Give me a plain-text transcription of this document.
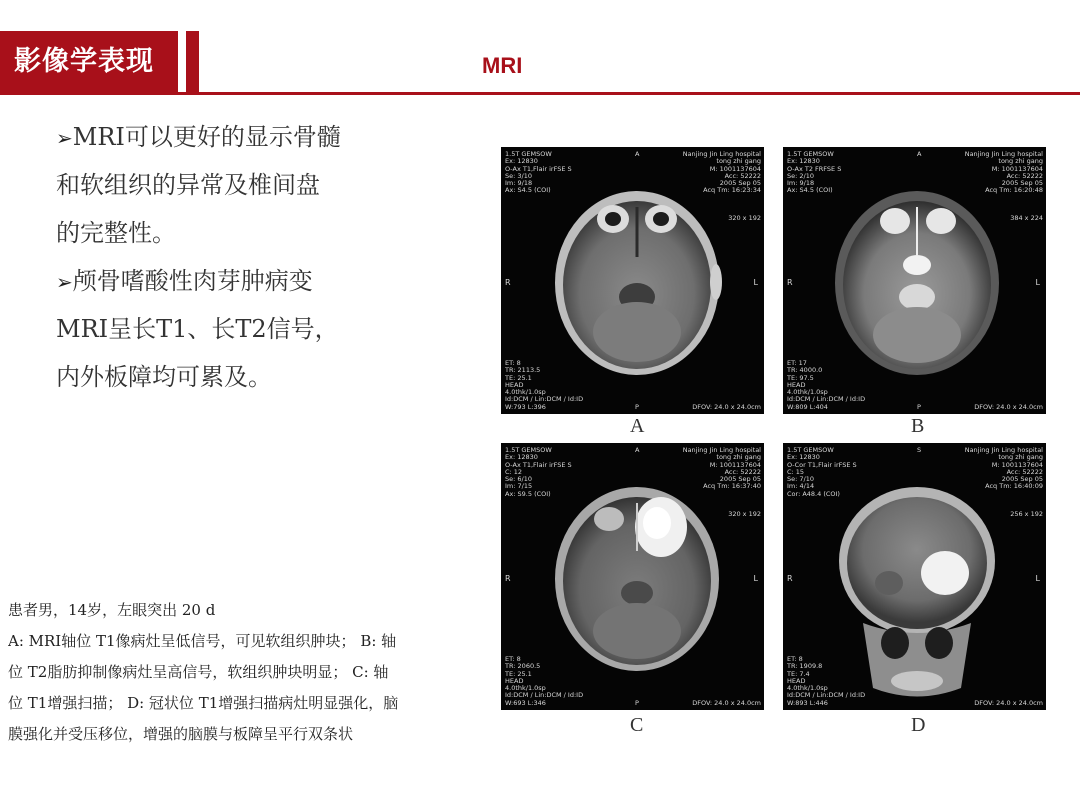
影像学表现	MRI
➢MRI可以更好的显示骨髓
和软组织的异常及椎间盘
的完整性。
➢颅骨嗜酸性肉芽肿病变
MRI呈长T1、长T2信号，
内外板障均可累及。
患者男，14岁，左眼突出 20 d
A: MRI轴位 T1像病灶呈低信号，可见软组织肿块； B: 轴
位 T2脂肪抑制像病灶呈高信号，软组织肿块明显； C: 轴
位 T1增强扫描； D: 冠状位 T1增强扫描病灶明显强化，脑
膜强化并受压移位，增强的脑膜与板障呈平行双条状
1.5T GEMSOW
Ex: 12830
O-Ax T1,Flair irFSE S
Se: 3/10
Im: 9/18
Ax: S4.5 (COI)
Nanjing Jin Ling hospital
tong zhi gang
M: 1001137604
Acc: 52222
2005 Sep 05
Acq Tm: 16:23:34
A
320 x 192
R	L
ET: 8
TR: 2113.5
TE: 25.1
HEAD
4.0thk/1.0sp
Id:DCM / Lin:DCM / Id:ID
W:793 L:396	P	DFOV: 24.0 x 24.0cm
A
1.5T GEMSOW
Ex: 12830
O-Ax T2 FRFSE S
Se: 2/10
Im: 9/18
Ax: S4.5 (COI)
Nanjing Jin Ling hospital
tong zhi gang
M: 1001137604
Acc: 52222
2005 Sep 05
Acq Tm: 16:20:48
A
384 x 224
R	L
ET: 17
TR: 4000.0
TE: 97.5
HEAD
4.0thk/1.0sp
Id:DCM / Lin:DCM / Id:ID
W:809 L:404	P	DFOV: 24.0 x 24.0cm
B
1.5T GEMSOW
Ex: 12830
O-Ax T1,Flair irFSE S
C: 12
Se: 6/10
Im: 7/15
Ax: S9.5 (COI)
Nanjing Jin Ling hospital
tong zhi gang
M: 1001137604
Acc: 52222
2005 Sep 05
Acq Tm: 16:37:40
A
320 x 192
R	L
ET: 8
TR: 2060.5
TE: 25.1
HEAD
4.0thk/1.0sp
Id:DCM / Lin:DCM / Id:ID
W:693 L:346	P	DFOV: 24.0 x 24.0cm
C
1.5T GEMSOW
Ex: 12830
O-Cor T1,Flair irFSE S
C: 15
Se: 7/10
Im: 4/14
Cor: A48.4 (COI)
Nanjing Jin Ling hospital
tong zhi gang
M: 1001137604
Acc: 52222
2005 Sep 05
Acq Tm: 16:40:09
S
256 x 192
R	L
ET: 8
TR: 1909.8
TE: 7.4
HEAD
4.0thk/1.0sp
Id:DCM / Lin:DCM / Id:ID
W:893 L:446	DFOV: 24.0 x 24.0cm
D
